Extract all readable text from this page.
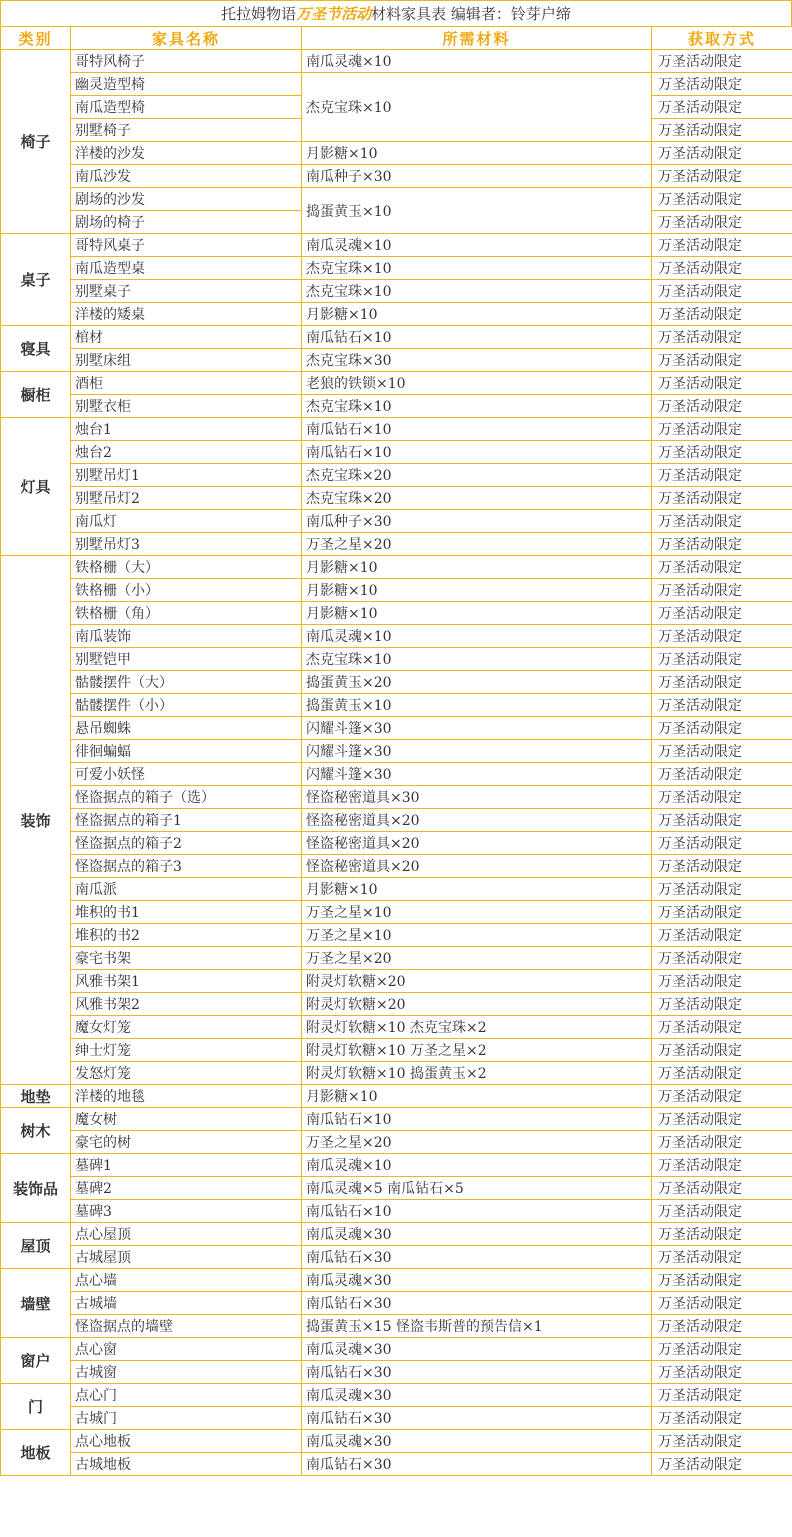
托拉姆物语万圣节活动材料家具表 编辑者：铃芽户缔
类别	家具名称	所需材料	获取方式
椅子	哥特风椅子	南瓜灵魂×10	万圣活动限定
	幽灵造型椅	杰克宝珠×10	万圣活动限定
	南瓜造型椅		万圣活动限定
	别墅椅子		万圣活动限定
	洋楼的沙发	月影糖×10	万圣活动限定
	南瓜沙发	南瓜种子×30	万圣活动限定
	剧场的沙发	捣蛋黄玉×10	万圣活动限定
	剧场的椅子		万圣活动限定
桌子	哥特风桌子	南瓜灵魂×10	万圣活动限定
	南瓜造型桌	杰克宝珠×10	万圣活动限定
	别墅桌子	杰克宝珠×10	万圣活动限定
	洋楼的矮桌	月影糖×10	万圣活动限定
寝具	棺材	南瓜钻石×10	万圣活动限定
	别墅床组	杰克宝珠×30	万圣活动限定
橱柜	酒柜	老狼的铁锁×10	万圣活动限定
	别墅衣柜	杰克宝珠×10	万圣活动限定
灯具	烛台1	南瓜钻石×10	万圣活动限定
	烛台2	南瓜钻石×10	万圣活动限定
	别墅吊灯1	杰克宝珠×20	万圣活动限定
	别墅吊灯2	杰克宝珠×20	万圣活动限定
	南瓜灯	南瓜种子×30	万圣活动限定
	别墅吊灯3	万圣之星×20	万圣活动限定
装饰	铁格栅（大）	月影糖×10	万圣活动限定
	铁格栅（小）	月影糖×10	万圣活动限定
	铁格栅（角）	月影糖×10	万圣活动限定
	南瓜装饰	南瓜灵魂×10	万圣活动限定
	别墅铠甲	杰克宝珠×10	万圣活动限定
	骷髅摆件（大）	捣蛋黄玉×20	万圣活动限定
	骷髅摆件（小）	捣蛋黄玉×10	万圣活动限定
	悬吊蜘蛛	闪耀斗篷×30	万圣活动限定
	徘徊蝙蝠	闪耀斗篷×30	万圣活动限定
	可爱小妖怪	闪耀斗篷×30	万圣活动限定
	怪盗据点的箱子（选）	怪盗秘密道具×30	万圣活动限定
	怪盗据点的箱子1	怪盗秘密道具×20	万圣活动限定
	怪盗据点的箱子2	怪盗秘密道具×20	万圣活动限定
	怪盗据点的箱子3	怪盗秘密道具×20	万圣活动限定
	南瓜派	月影糖×10	万圣活动限定
	堆积的书1	万圣之星×10	万圣活动限定
	堆积的书2	万圣之星×10	万圣活动限定
	豪宅书架	万圣之星×20	万圣活动限定
	风雅书架1	附灵灯软糖×20	万圣活动限定
	风雅书架2	附灵灯软糖×20	万圣活动限定
	魔女灯笼	附灵灯软糖×10 杰克宝珠×2	万圣活动限定
	绅士灯笼	附灵灯软糖×10 万圣之星×2	万圣活动限定
	发怒灯笼	附灵灯软糖×10 捣蛋黄玉×2	万圣活动限定
地垫	洋楼的地毯	月影糖×10	万圣活动限定
树木	魔女树	南瓜钻石×10	万圣活动限定
	豪宅的树	万圣之星×20	万圣活动限定
装饰品	墓碑1	南瓜灵魂×10	万圣活动限定
	墓碑2	南瓜灵魂×5 南瓜钻石×5	万圣活动限定
	墓碑3	南瓜钻石×10	万圣活动限定
屋顶	点心屋顶	南瓜灵魂×30	万圣活动限定
	古城屋顶	南瓜钻石×30	万圣活动限定
墙壁	点心墙	南瓜灵魂×30	万圣活动限定
	古城墙	南瓜钻石×30	万圣活动限定
	怪盗据点的墙壁	捣蛋黄玉×15 怪盗韦斯普的预告信×1	万圣活动限定
窗户	点心窗	南瓜灵魂×30	万圣活动限定
	古城窗	南瓜钻石×30	万圣活动限定
门	点心门	南瓜灵魂×30	万圣活动限定
	古城门	南瓜钻石×30	万圣活动限定
地板	点心地板	南瓜灵魂×30	万圣活动限定
	古城地板	南瓜钻石×30	万圣活动限定
